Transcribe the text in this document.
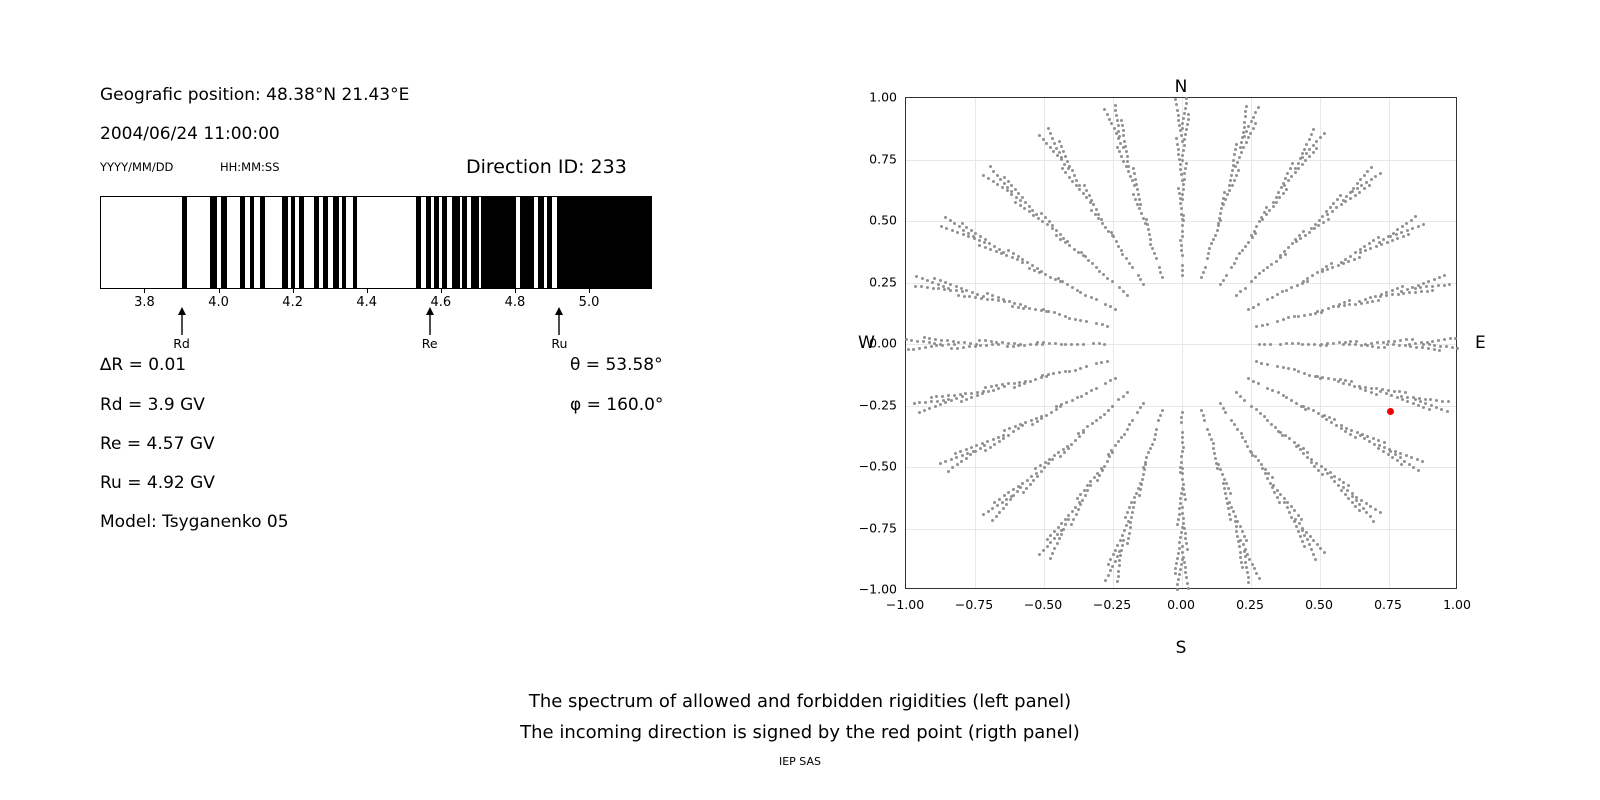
Geografic position: 48.38°N 21.43°E
2004/06/24 11:00:00
YYYY/MM/DD	HH:MM:SS	Direction ID: 233
3.8	4.0	4.2	4.4	4.6	4.8	5.0
∆R = 0.01
Rd = 3.9 GV
Re = 4.57 GV
Ru = 4.92 GV
Model: Tsyganenko 05
θ = 53.58°
φ = 160.0°
Rd	Re	Ru
N
S
W	E
−1.00 −0.75 −0.50 −0.25	0.00	0.25	0.50	0.75	1.00
−1.00
−0.75
−0.50
−0.25
0.00
0.25
0.50
0.75
1.00
The spectrum of allowed and forbidden rigidities (left panel)
The incoming direction is signed by the red point (rigth panel)
IEP SAS
